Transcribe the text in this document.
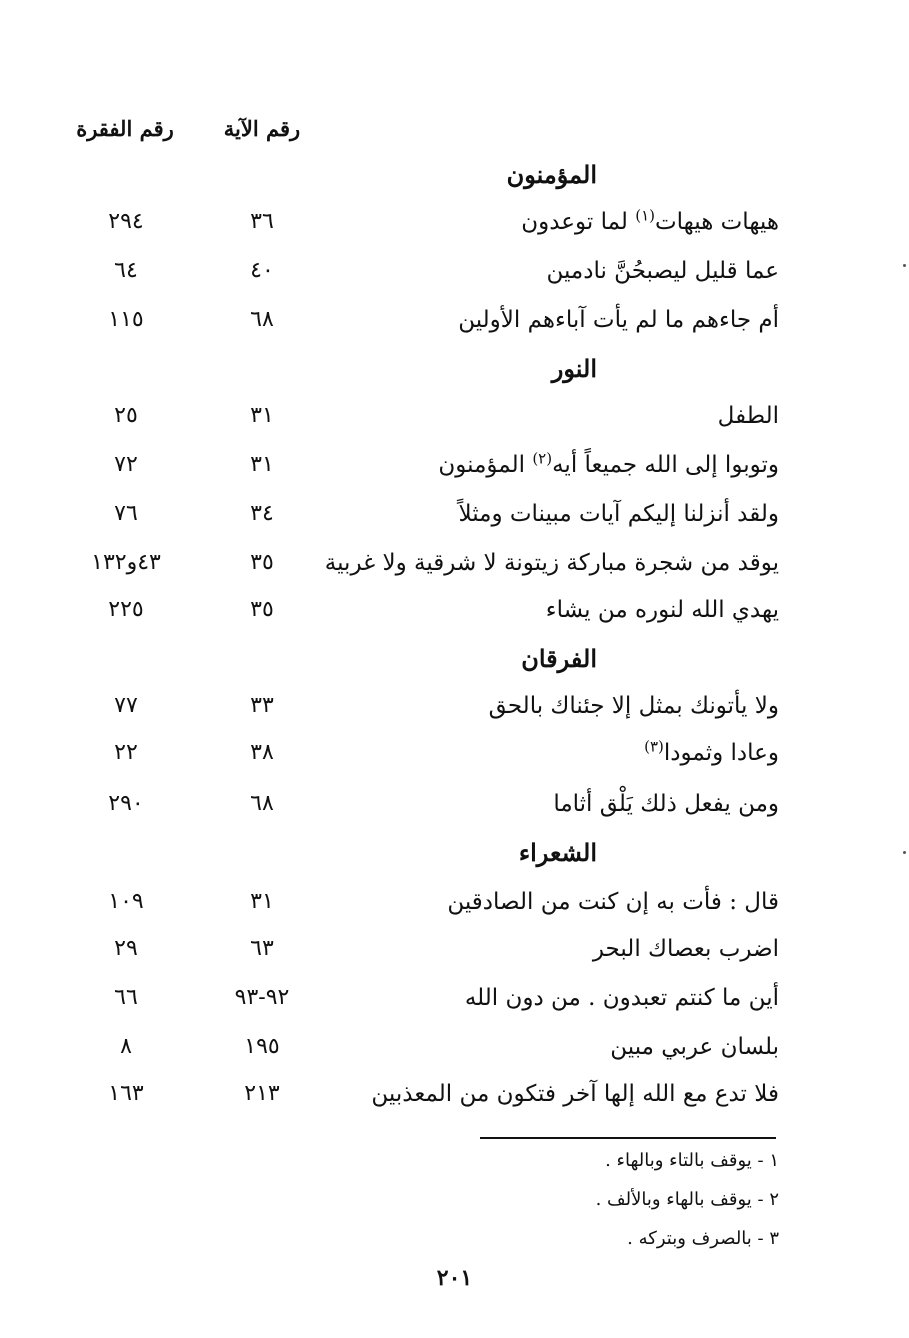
رقم الآية
رقم الفقرة
المؤمنون
هيهات هيهات$^{(١)}$ لما توعدون
٣٦
٢٩٤
عما قليل ليصبحُنَّ نادمين
٤٠
٦٤
أم جاءهم ما لم يأت آباءهم الأولين
٦٨
١١٥
النور
الطفل
٣١
٢٥
وتوبوا إلى الله جميعاً أيه$^{(٢)}$ المؤمنون
٣١
٧٢
ولقد أنزلنا إليكم آيات مبينات ومثلاً
٣٤
٧٦
يوقد من شجرة مباركة زيتونة لا شرقية ولا غربية
٣٥
٤٣و١٣٢
يهدي الله لنوره من يشاء
٣٥
٢٢٥
الفرقان
ولا يأتونك بمثل إلا جئناك بالحق
٣٣
٧٧
وعادا وثمودا$^{(٣)}$
٣٨
٢٢
ومن يفعل ذلك يَلْق أثاما
٦٨
٢٩٠
الشعراء
قال : فأت به إن كنت من الصادقين
٣١
١٠٩
اضرب بعصاك البحر
٦٣
٢٩
أين ما كنتم تعبدون . من دون الله
٩٢-٩٣
٦٦
بلسان عربي مبين
١٩٥
٨
فلا تدع مع الله إلها آخر فتكون من المعذبين
٢١٣
١٦٣
١ - يوقف بالتاء وبالهاء .
٢ - يوقف بالهاء وبالألف .
٣ - بالصرف وبتركه .
٢٠١
